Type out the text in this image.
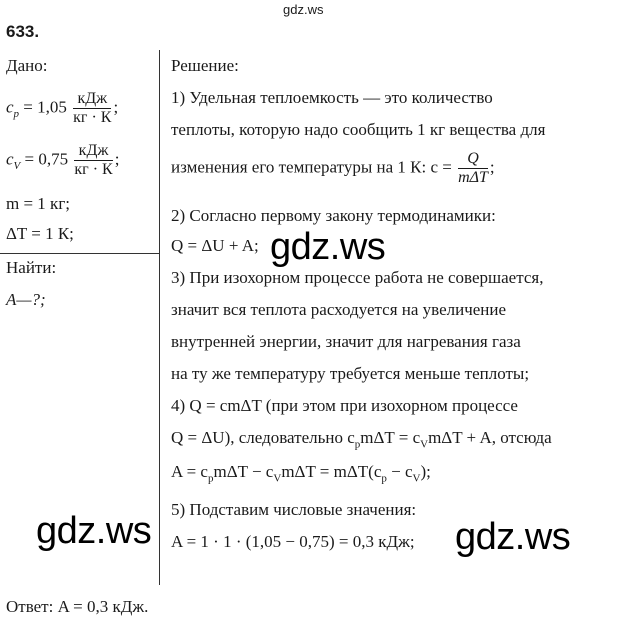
gdz.ws
633.
Дано:
$c_p = 1,05 \frac{\text{кДж}}{кг \cdot К}$ ;
$c_V = 0,75 \frac{\text{кДж}}{кг \cdot К}$ ;
m = 1 кг;
ΔT = 1 К;
Найти:
A—?;
Решение:
1) Удельная теплоемкость — это количество
теплоты, которую надо сообщить 1 кг вещества для
изменения его температуры на 1 К: $c = \frac{Q}{\text{mΔT}}$ ;
2) Согласно первому закону термодинамики:
Q = ΔU + A;
3) При изохорном процессе работа не совершается,
значит вся теплота расходуется на увеличение
внутренней энергии, значит для нагревания газа
на ту же температуру требуется меньше теплоты;
4) Q = cmΔT (при этом при изохорном процессе
Q = ΔU), следовательно $c_pm\Delta T = c_Vm\Delta T + A$, отсюда
$A = c_pm\Delta T - c_Vm\Delta T = m\Delta T(c_p - c_V)$;
5) Подставим числовые значения:
A = 1 · 1 · (1,05 − 0,75) = 0,3 кДж;
gdz.ws
gdz.ws	gdz.ws
Ответ: A = 0,3 кДж.
